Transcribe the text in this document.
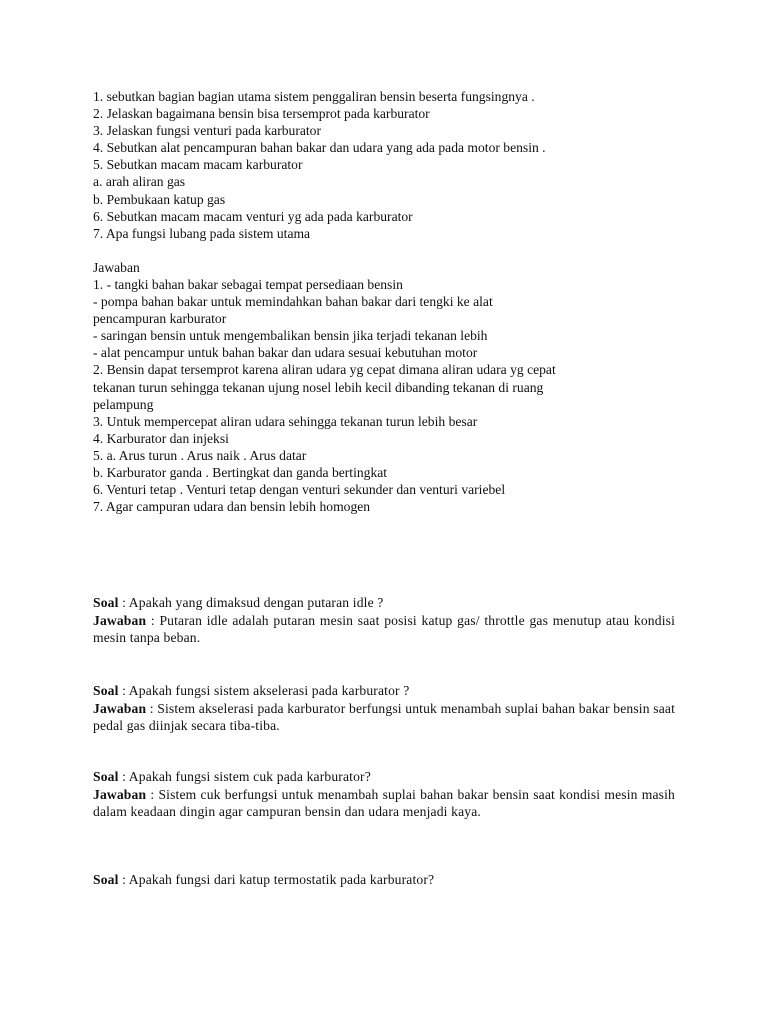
1. sebutkan bagian bagian utama sistem penggaliran bensin beserta fungsingnya .
2. Jelaskan bagaimana bensin bisa tersemprot pada karburator
3. Jelaskan fungsi venturi pada karburator
4. Sebutkan alat pencampuran bahan bakar dan udara yang ada pada motor bensin .
5. Sebutkan macam macam karburator
a. arah aliran gas
b. Pembukaan katup gas
6. Sebutkan macam macam venturi yg ada pada karburator
7. Apa fungsi lubang pada sistem utama
Jawaban
1. - tangki bahan bakar sebagai tempat persediaan bensin
- pompa bahan bakar untuk memindahkan bahan bakar dari tengki ke alat
pencampuran karburator
- saringan bensin untuk mengembalikan bensin jika terjadi tekanan lebih
- alat pencampur untuk bahan bakar dan udara sesuai kebutuhan motor
2. Bensin dapat tersemprot karena aliran udara yg cepat dimana aliran udara yg cepat
tekanan turun sehingga tekanan ujung nosel lebih kecil dibanding tekanan di ruang
pelampung
3. Untuk mempercepat aliran udara sehingga tekanan turun lebih besar
4. Karburator dan injeksi
5. a. Arus turun . Arus naik . Arus datar
b. Karburator ganda . Bertingkat dan ganda bertingkat
6. Venturi tetap . Venturi tetap dengan venturi sekunder dan venturi variebel
7. Agar campuran udara dan bensin lebih homogen

Soal : Apakah yang dimaksud dengan putaran idle ?

Jawaban : Putaran idle adalah putaran mesin saat posisi katup gas/ throttle gas menutup atau kondisi mesin tanpa beban.

Soal : Apakah fungsi sistem akselerasi pada karburator ?

Jawaban : Sistem akselerasi pada karburator berfungsi untuk menambah suplai bahan bakar bensin saat pedal gas diinjak secara tiba-tiba.

Soal : Apakah fungsi sistem cuk pada karburator?

Jawaban : Sistem cuk berfungsi untuk menambah suplai bahan bakar bensin saat kondisi mesin masih dalam keadaan dingin agar campuran bensin dan udara menjadi kaya.

Soal : Apakah fungsi dari katup termostatik pada karburator?
